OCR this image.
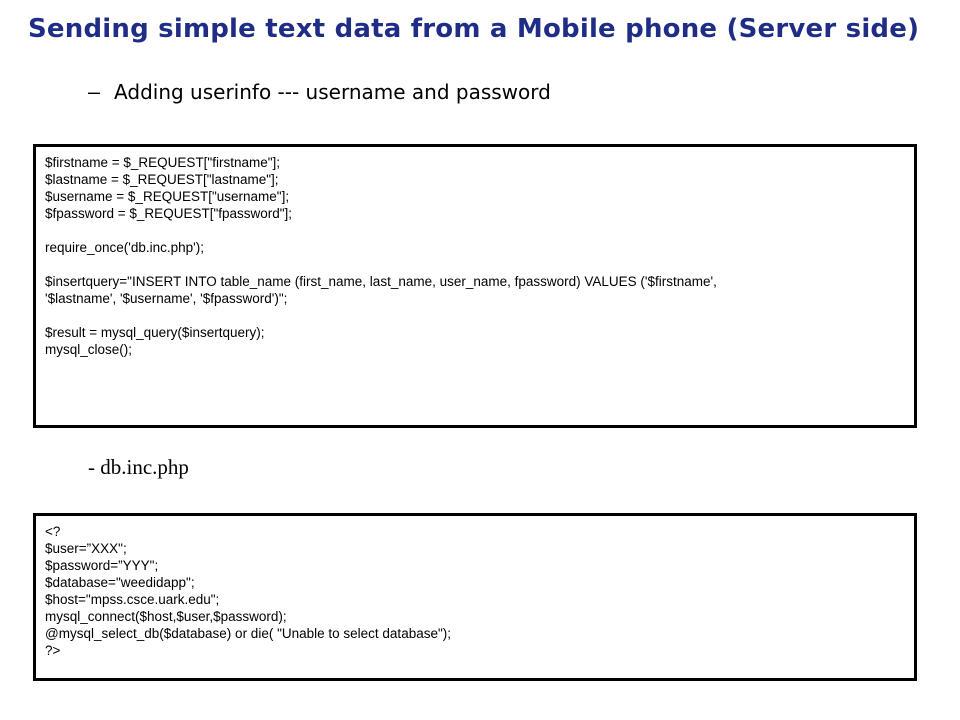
Sending simple text data from a Mobile phone (Server side)
– Adding userinfo --- username and password
$firstname = $_REQUEST["firstname"];
$lastname = $_REQUEST["lastname"];
$username = $_REQUEST["username"];
$fpassword = $_REQUEST["fpassword"];
require_once('db.inc.php');
$insertquery="INSERT INTO table_name (first_name, last_name, user_name, fpassword) VALUES ('$firstname',
'$lastname', '$username', '$fpassword')";
$result = mysql_query($insertquery);
mysql_close();
- db.inc.php
<?
$user=”XXX";
$password=”YYY";
$database="weedidapp";
$host="mpss.csce.uark.edu";
mysql_connect($host,$user,$password);
@mysql_select_db($database) or die( "Unable to select database");
?>
